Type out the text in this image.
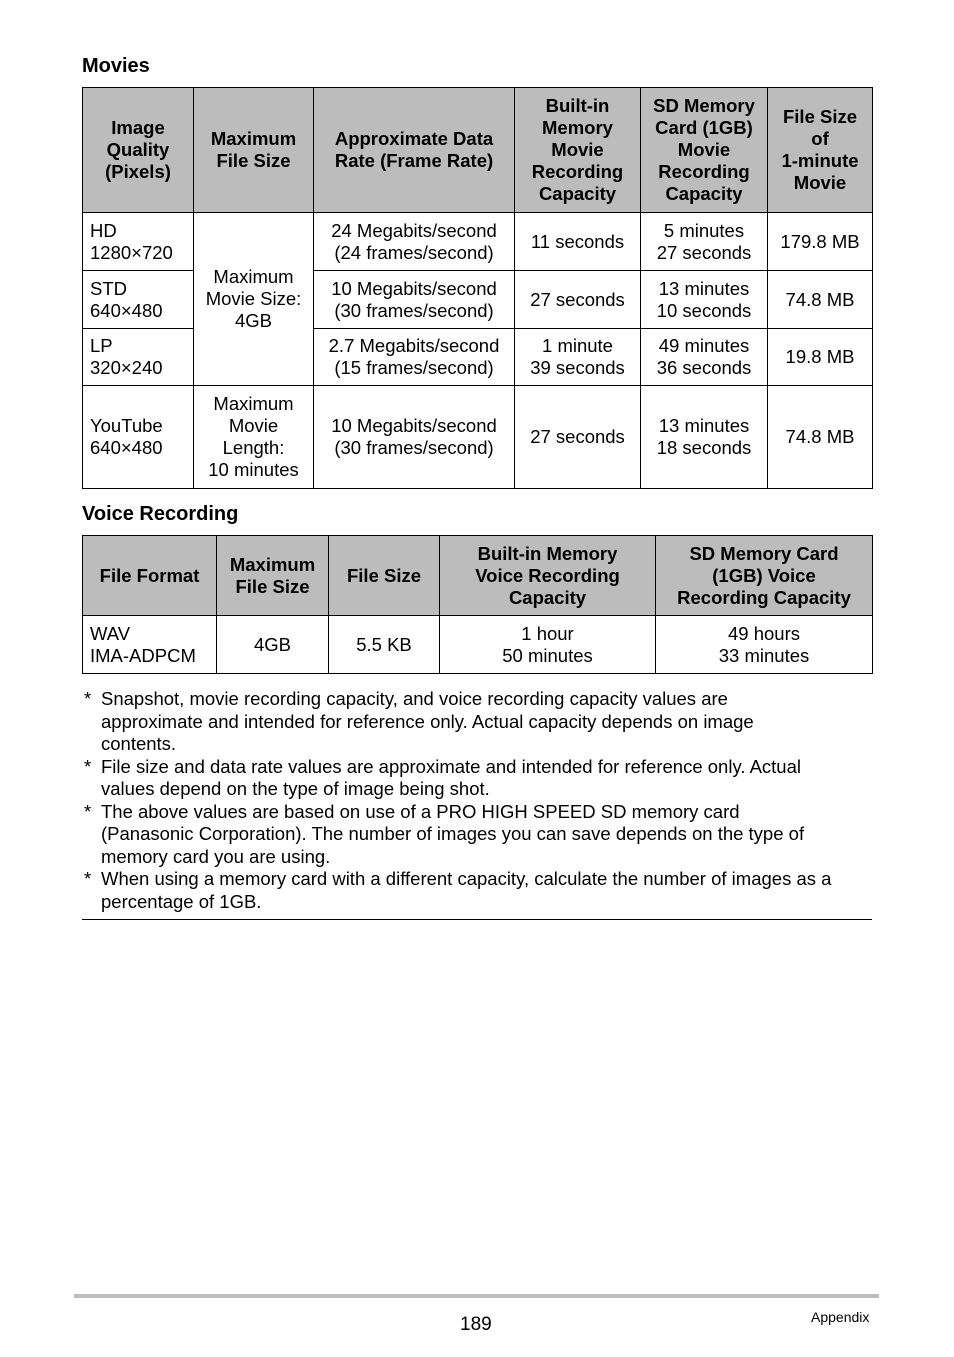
Movies
Image
Quality
(Pixels)	Maximum
File Size	Approximate Data
Rate (Frame Rate)	Built-in
Memory
Movie
Recording
Capacity	SD Memory
Card (1GB)
Movie
Recording
Capacity	File Size
of
1-minute
Movie

HD
1280×720	Maximum
Movie Size:
4GB	24 Megabits/second
(24 frames/second)	11 seconds	5 minutes
27 seconds	179.8 MB

STD
640×480		10 Megabits/second
(30 frames/second)	27 seconds	13 minutes
10 seconds	74.8 MB

LP
320×240		2.7 Megabits/second
(15 frames/second)	1 minute
39 seconds	49 minutes
36 seconds	19.8 MB

YouTube
640×480	Maximum
Movie
Length:
10 minutes	10 Megabits/second
(30 frames/second)	27 seconds	13 minutes
18 seconds	74.8 MB
Voice Recording
File Format	Maximum
File Size	File Size	Built-in Memory
Voice Recording
Capacity	SD Memory Card
(1GB) Voice
Recording Capacity

WAV
IMA-ADPCM	4GB	5.5 KB	1 hour
50 minutes	49 hours
33 minutes
* Snapshot, movie recording capacity, and voice recording capacity values are
approximate and intended for reference only. Actual capacity depends on image
contents.
* File size and data rate values are approximate and intended for reference only. Actual
values depend on the type of image being shot.
* The above values are based on use of a PRO HIGH SPEED SD memory card
(Panasonic Corporation). The number of images you can save depends on the type of
memory card you are using.
* When using a memory card with a different capacity, calculate the number of images as a
percentage of 1GB.
189	Appendix
